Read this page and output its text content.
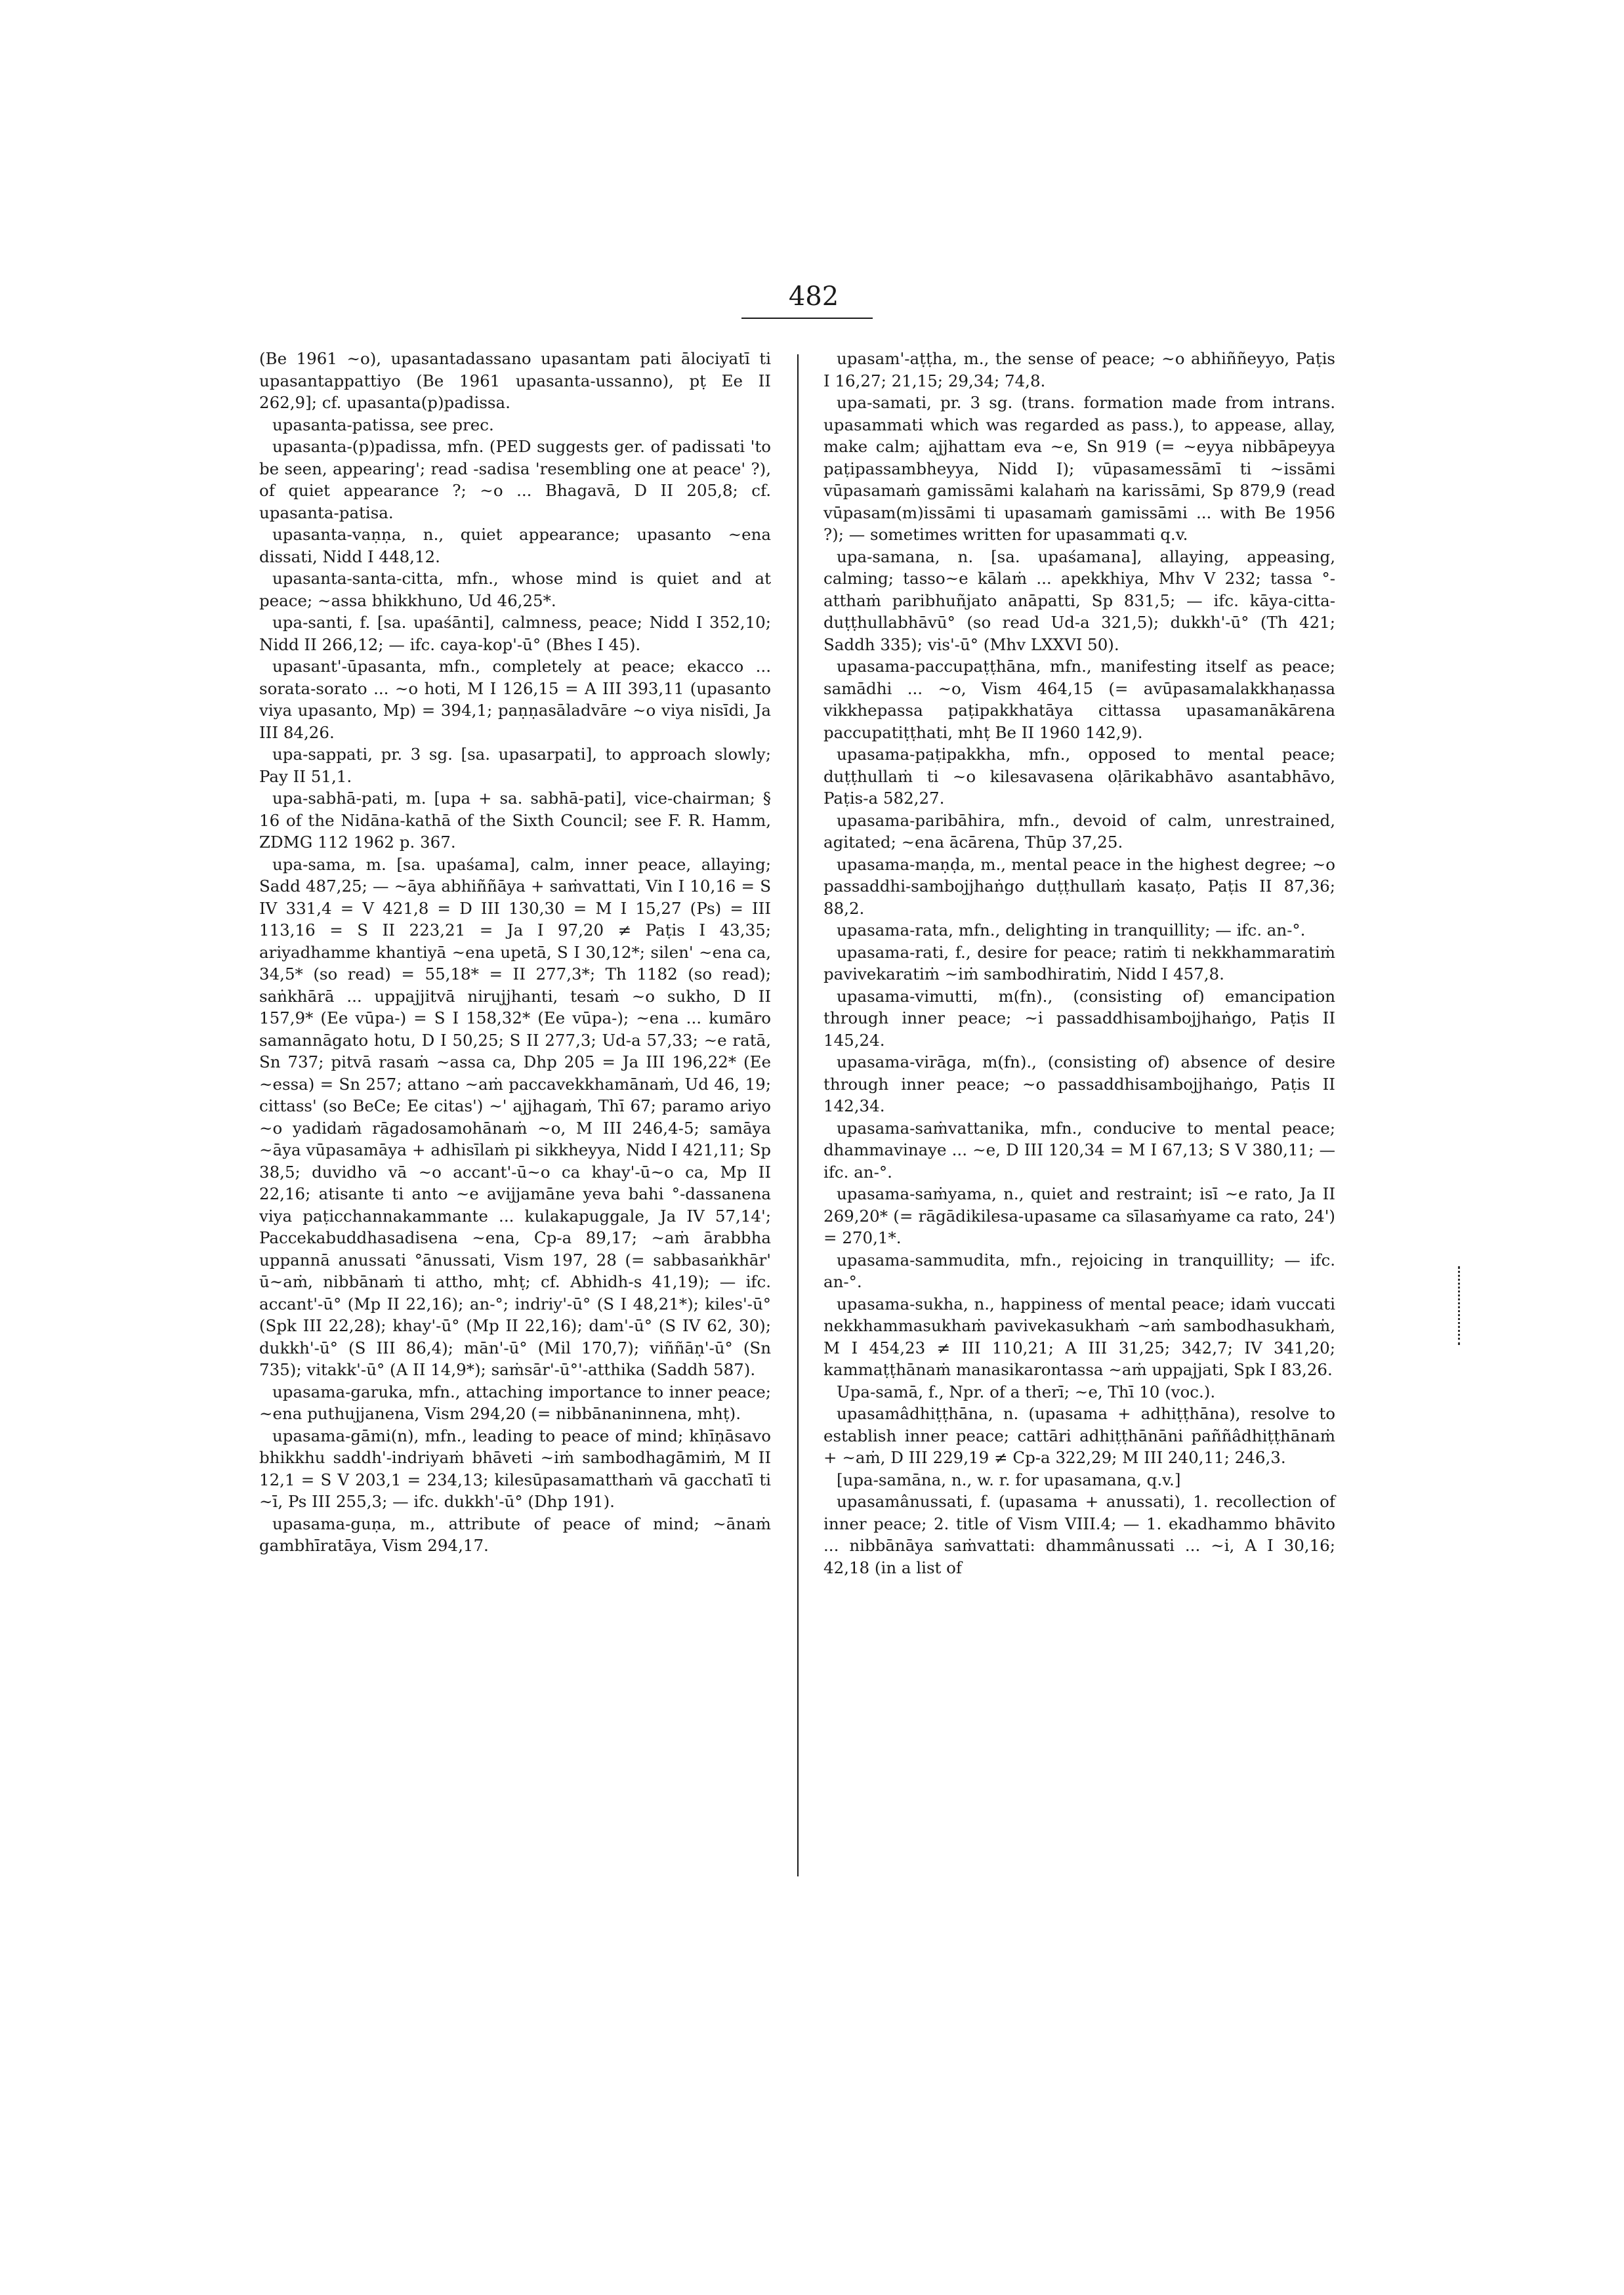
482

(Be 1961 ~o), upasantadassano upasantam pati ālociyatī ti upasantappattiyo (Be 1961 upasanta-ussanno), pṭ Ee II 262,9]; cf. upasanta(p)padissa.

upasanta-patissa, see prec.

upasanta-(p)padissa, mfn. (PED suggests ger. of padissati 'to be seen, appearing'; read -sadisa 'resembling one at peace' ?), of quiet appearance ?; ~o ... Bhagavā, D II 205,8; cf. upasanta-patisa.

upasanta-vaṇṇa, n., quiet appearance; upasanto ~ena dissati, Nidd I 448,12.

upasanta-santa-citta, mfn., whose mind is quiet and at peace; ~assa bhikkhuno, Ud 46,25*.

upa-santi, f. [sa. upaśānti], calmness, peace; Nidd I 352,10; Nidd II 266,12; — ifc. caya-kop'-ū° (Bhes I 45).

upasant'-ūpasanta, mfn., completely at peace; ekacco ... sorata-sorato ... ~o hoti, M I 126,15 = A III 393,11 (upasanto viya upasanto, Mp) = 394,1; paṇṇasāladvāre ~o viya nisīdi, Ja III 84,26.

upa-sappati, pr. 3 sg. [sa. upasarpati], to approach slowly; Pay II 51,1.

upa-sabhā-pati, m. [upa + sa. sabhā-pati], vice-chairman; § 16 of the Nidāna-kathā of the Sixth Council; see F. R. Hamm, ZDMG 112 1962 p. 367.

upa-sama, m. [sa. upaśama], calm, inner peace, allaying; Sadd 487,25; — ~āya abhiññāya + saṁvattati, Vin I 10,16 = S IV 331,4 = V 421,8 = D III 130,30 = M I 15,27 (Ps) = III 113,16 = S II 223,21 = Ja I 97,20 ≠ Paṭis I 43,35; ariyadhamme khantiyā ~ena upetā, S I 30,12*; silen' ~ena ca, 34,5* (so read) = 55,18* = II 277,3*; Th 1182 (so read); saṅkhārā ... uppajjitvā nirujjhanti, tesaṁ ~o sukho, D II 157,9* (Ee vūpa-) = S I 158,32* (Ee vūpa-); ~ena ... kumāro samannāgato hotu, D I 50,25; S II 277,3; Ud-a 57,33; ~e ratā, Sn 737; pitvā rasaṁ ~assa ca, Dhp 205 = Ja III 196,22* (Ee ~essa) = Sn 257; attano ~aṁ paccavekkhamānaṁ, Ud 46, 19; cittass' (so BeCe; Ee citas') ~' ajjhagaṁ, Thī 67; paramo ariyo ~o yadidaṁ rāgadosamohānaṁ ~o, M III 246,4-5; samāya ~āya vūpasamāya + adhisīlaṁ pi sikkheyya, Nidd I 421,11; Sp 38,5; duvidho vā ~o accant'-ū~o ca khay'-ū~o ca, Mp II 22,16; atisante ti anto ~e avijjamāne yeva bahi °-dassanena viya paṭicchannakammante ... kulakapuggale, Ja IV 57,14'; Paccekabuddhasadisena ~ena, Cp-a 89,17; ~aṁ ārabbha uppannā anussati °ānussati, Vism 197, 28 (= sabbasaṅkhār' ū~aṁ, nibbānaṁ ti attho, mhṭ; cf. Abhidh-s 41,19); — ifc. accant'-ū° (Mp II 22,16); an-°; indriy'-ū° (S I 48,21*); kiles'-ū° (Spk III 22,28); khay'-ū° (Mp II 22,16); dam'-ū° (S IV 62, 30); dukkh'-ū° (S III 86,4); mān'-ū° (Mil 170,7); viññāṇ'-ū° (Sn 735); vitakk'-ū° (A II 14,9*); saṁsār'-ū°'-atthika (Saddh 587).

upasama-garuka, mfn., attaching importance to inner peace; ~ena puthujjanena, Vism 294,20 (= nibbānaninnena, mhṭ).

upasama-gāmi(n), mfn., leading to peace of mind; khīṇāsavo bhikkhu saddh'-indriyaṁ bhāveti ~iṁ sambodhagāmiṁ, M II 12,1 = S V 203,1 = 234,13; kilesūpasamatthaṁ vā gacchatī ti ~ī, Ps III 255,3; — ifc. dukkh'-ū° (Dhp 191).

upasama-guṇa, m., attribute of peace of mind; ~ānaṁ gambhīratāya, Vism 294,17.

upasam'-aṭṭha, m., the sense of peace; ~o abhiññeyyo, Paṭis I 16,27; 21,15; 29,34; 74,8.

upa-samati, pr. 3 sg. (trans. formation made from intrans. upasammati which was regarded as pass.), to appease, allay, make calm; ajjhattam eva ~e, Sn 919 (= ~eyya nibbāpeyya paṭipassambheyya, Nidd I); vūpasamessāmī ti ~issāmi vūpasamaṁ gamissāmi kalahaṁ na karissāmi, Sp 879,9 (read vūpasam(m)issāmi ti upasamaṁ gamissāmi ... with Be 1956 ?); — sometimes written for upasammati q.v.

upa-samana, n. [sa. upaśamana], allaying, appeasing, calming; tasso~e kālaṁ ... apekkhiya, Mhv V 232; tassa °-atthaṁ paribhuñjato anāpatti, Sp 831,5; — ifc. kāya-citta-duṭṭhullabhāvū° (so read Ud-a 321,5); dukkh'-ū° (Th 421; Saddh 335); vis'-ū° (Mhv LXXVI 50).

upasama-paccupaṭṭhāna, mfn., manifesting itself as peace; samādhi ... ~o, Vism 464,15 (= avūpasamalakkhaṇassa vikkhepassa paṭipakkhatāya cittassa upasamanākārena paccupatiṭṭhati, mhṭ Be II 1960 142,9).

upasama-paṭipakkha, mfn., opposed to mental peace; duṭṭhullaṁ ti ~o kilesavasena oḷārikabhāvo asantabhāvo, Paṭis-a 582,27.

upasama-paribāhira, mfn., devoid of calm, unrestrained, agitated; ~ena ācārena, Thūp 37,25.

upasama-maṇḍa, m., mental peace in the highest degree; ~o passaddhi-sambojjhaṅgo duṭṭhullaṁ kasaṭo, Paṭis II 87,36; 88,2.

upasama-rata, mfn., delighting in tranquillity; — ifc. an-°.

upasama-rati, f., desire for peace; ratiṁ ti nekkhammaratiṁ pavivekaratiṁ ~iṁ sambodhiratiṁ, Nidd I 457,8.

upasama-vimutti, m(fn)., (consisting of) emancipation through inner peace; ~i passaddhisambojjhaṅgo, Paṭis II 145,24.

upasama-virāga, m(fn)., (consisting of) absence of desire through inner peace; ~o passaddhisambojjhaṅgo, Paṭis II 142,34.

upasama-saṁvattanika, mfn., conducive to mental peace; dhammavinaye ... ~e, D III 120,34 = M I 67,13; S V 380,11; — ifc. an-°.

upasama-saṁyama, n., quiet and restraint; isī ~e rato, Ja II 269,20* (= rāgādikilesa-upasame ca sīlasaṁyame ca rato, 24') = 270,1*.

upasama-sammudita, mfn., rejoicing in tranquillity; — ifc. an-°.

upasama-sukha, n., happiness of mental peace; idaṁ vuccati nekkhammasukhaṁ pavivekasukhaṁ ~aṁ sambodhasukhaṁ, M I 454,23 ≠ III 110,21; A III 31,25; 342,7; IV 341,20; kammaṭṭhānaṁ manasikarontassa ~aṁ uppajjati, Spk I 83,26.

Upa-samā, f., Npr. of a therī; ~e, Thī 10 (voc.).

upasamâdhiṭṭhāna, n. (upasama + adhiṭṭhāna), resolve to establish inner peace; cattāri adhiṭṭhānāni paññâdhiṭṭhānaṁ + ~aṁ, D III 229,19 ≠ Cp-a 322,29; M III 240,11; 246,3.

[upa-samāna, n., w. r. for upasamana, q.v.]

upasamânussati, f. (upasama + anussati), 1. recollection of inner peace; 2. title of Vism VIII.4; — 1. ekadhammo bhāvito ... nibbānāya saṁvattati: dhammânussati ... ~i, A I 30,16; 42,18 (in a list of
